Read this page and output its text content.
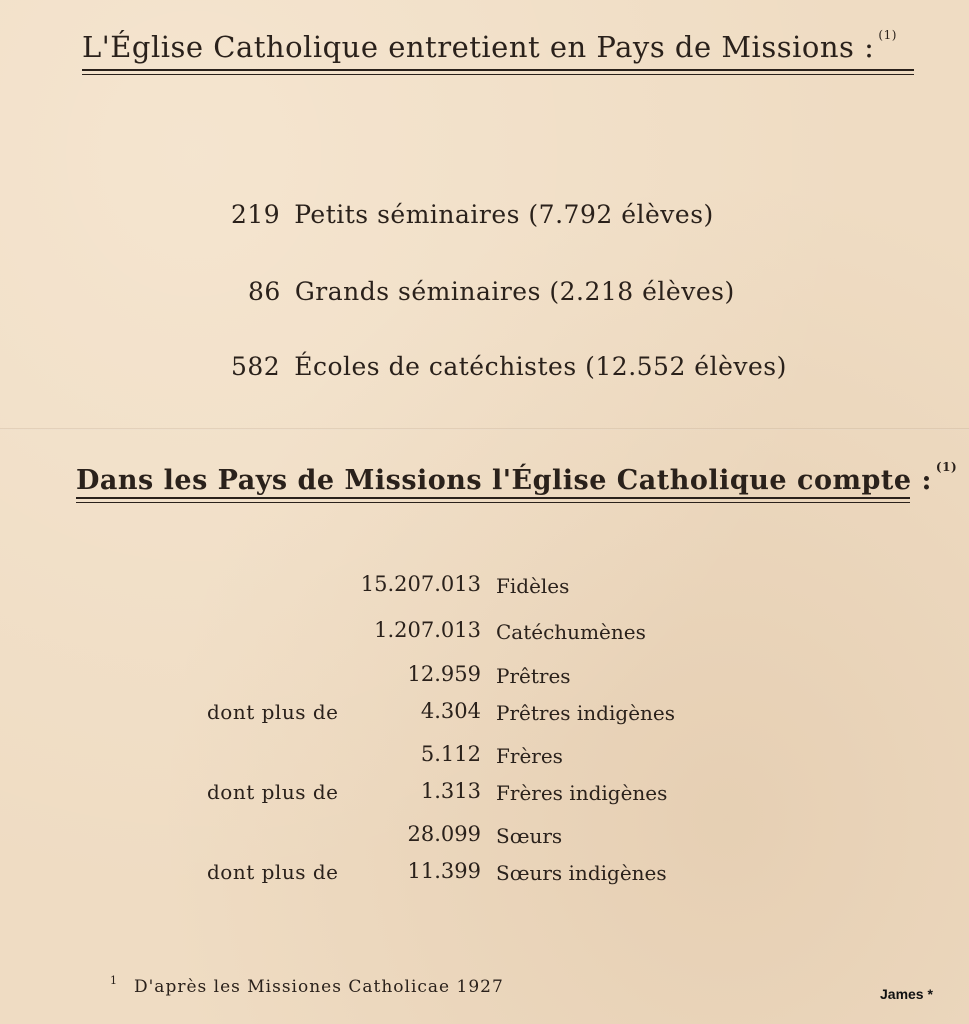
L'Église Catholique entretient en Pays de Missions : $^{(1)}$
219 Petits séminaires (7.792 élèves)
86 Grands séminaires (2.218 élèves)
582 Écoles de catéchistes (12.552 élèves)
Dans les Pays de Missions l'Église Catholique compte : $^{(1)}$
15.207.013 Fidèles
1.207.013 Catéchumènes
12.959 Prêtres
dont plus de	4.304 Prêtres indigènes
5.112 Frères
dont plus de	1.313 Frères indigènes
28.099 Sœurs
dont plus de	11.399 Sœurs indigènes
$^1$ D'après les Missiones Catholicae 1927	James *
